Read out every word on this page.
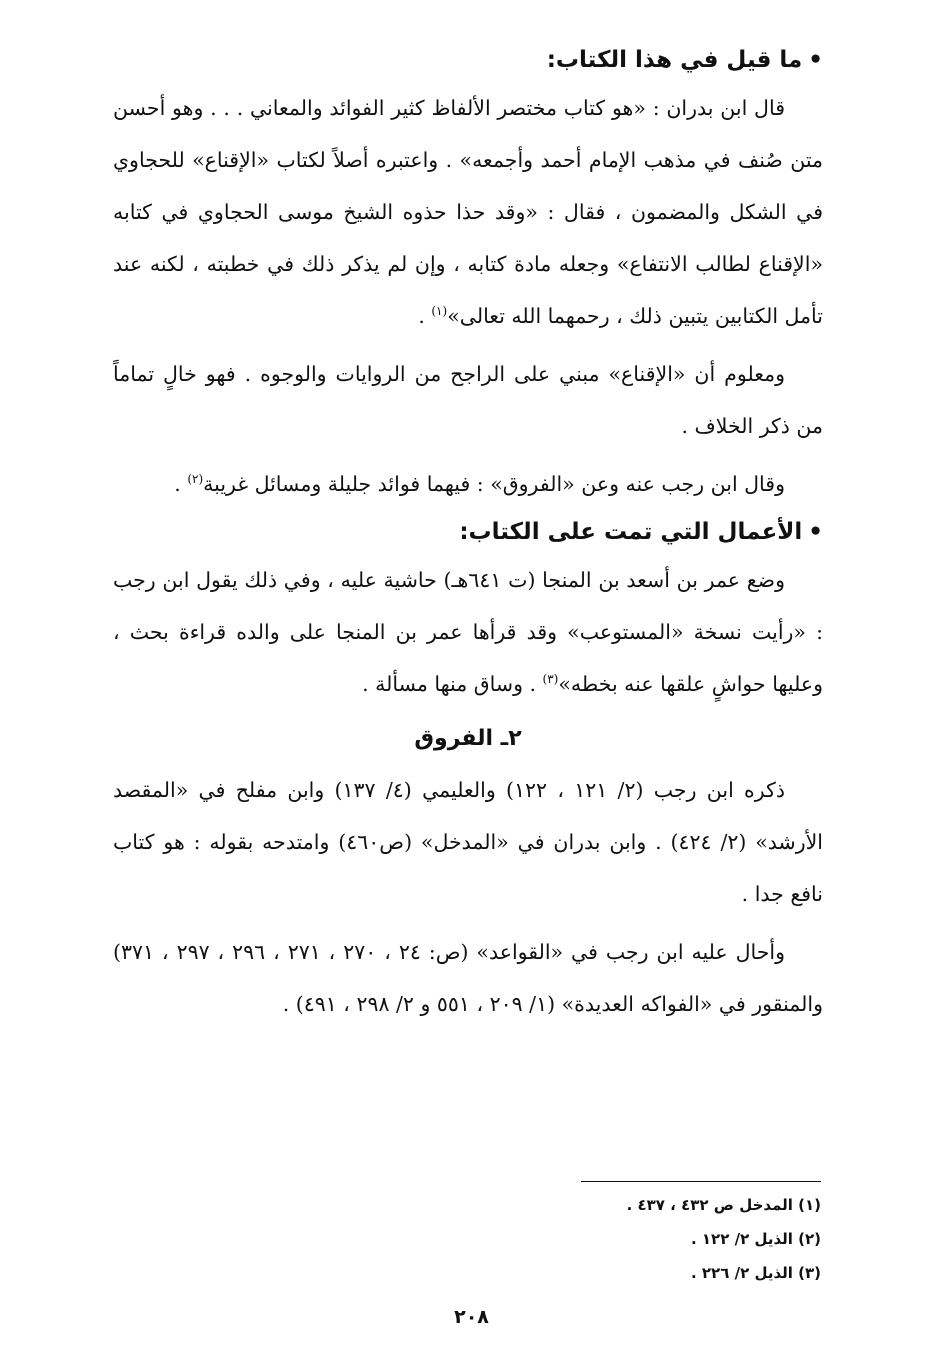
•ما قيل في هذا الكتاب:

قال ابن بدران : «هو كتاب مختصر الألفاظ كثير الفوائد والمعاني . . . وهو أحسن متن صُنف في مذهب الإمام أحمد وأجمعه» . واعتبره أصلاً لكتاب «الإقناع» للحجاوي في الشكل والمضمون ، فقال : «وقد حذا حذوه الشيخ موسى الحجاوي في كتابه «الإقناع لطالب الانتفاع» وجعله مادة كتابه ، وإن لم يذكر ذلك في خطبته ، لكنه عند تأمل الكتابين يتبين ذلك ، رحمهما الله تعالى»$^{(١)}$ .

ومعلوم أن «الإقناع» مبني على الراجح من الروايات والوجوه . فهو خالٍ تماماً من ذكر الخلاف .

وقال ابن رجب عنه وعن «الفروق» : فيهما فوائد جليلة ومسائل غريبة$^{(٢)}$ .

•الأعمال التي تمت على الكتاب:

وضع عمر بن أسعد بن المنجا (ت ٦٤١هـ) حاشية عليه ، وفي ذلك يقول ابن رجب : «رأيت نسخة «المستوعب» وقد قرأها عمر بن المنجا على والده قراءة بحث ، وعليها حواشٍ علقها عنه بخطه»$^{(٣)}$ . وساق منها مسألة .

٢ـ الفروق

ذكره ابن رجب (٢/ ١٢١ ، ١٢٢) والعليمي (٤/ ١٣٧) وابن مفلح في «المقصد الأرشد» (٢/ ٤٢٤) . وابن بدران في «المدخل» (ص٤٦٠) وامتدحه بقوله : هو كتاب نافع جدا .

وأحال عليه ابن رجب في «القواعد» (ص: ٢٤ ، ٢٧٠ ، ٢٧١ ، ٢٩٦ ، ٢٩٧ ، ٣٧١) والمنقور في «الفواكه العديدة» (١/ ٢٠٩ ، ٥٥١ و ٢/ ٢٩٨ ، ٤٩١) .

(١) المدخل ص ٤٣٢ ، ٤٣٧ .
(٢) الذيل ٢/ ١٢٢ .
(٣) الذيل ٢/ ٢٢٦ .
٢٠٨
